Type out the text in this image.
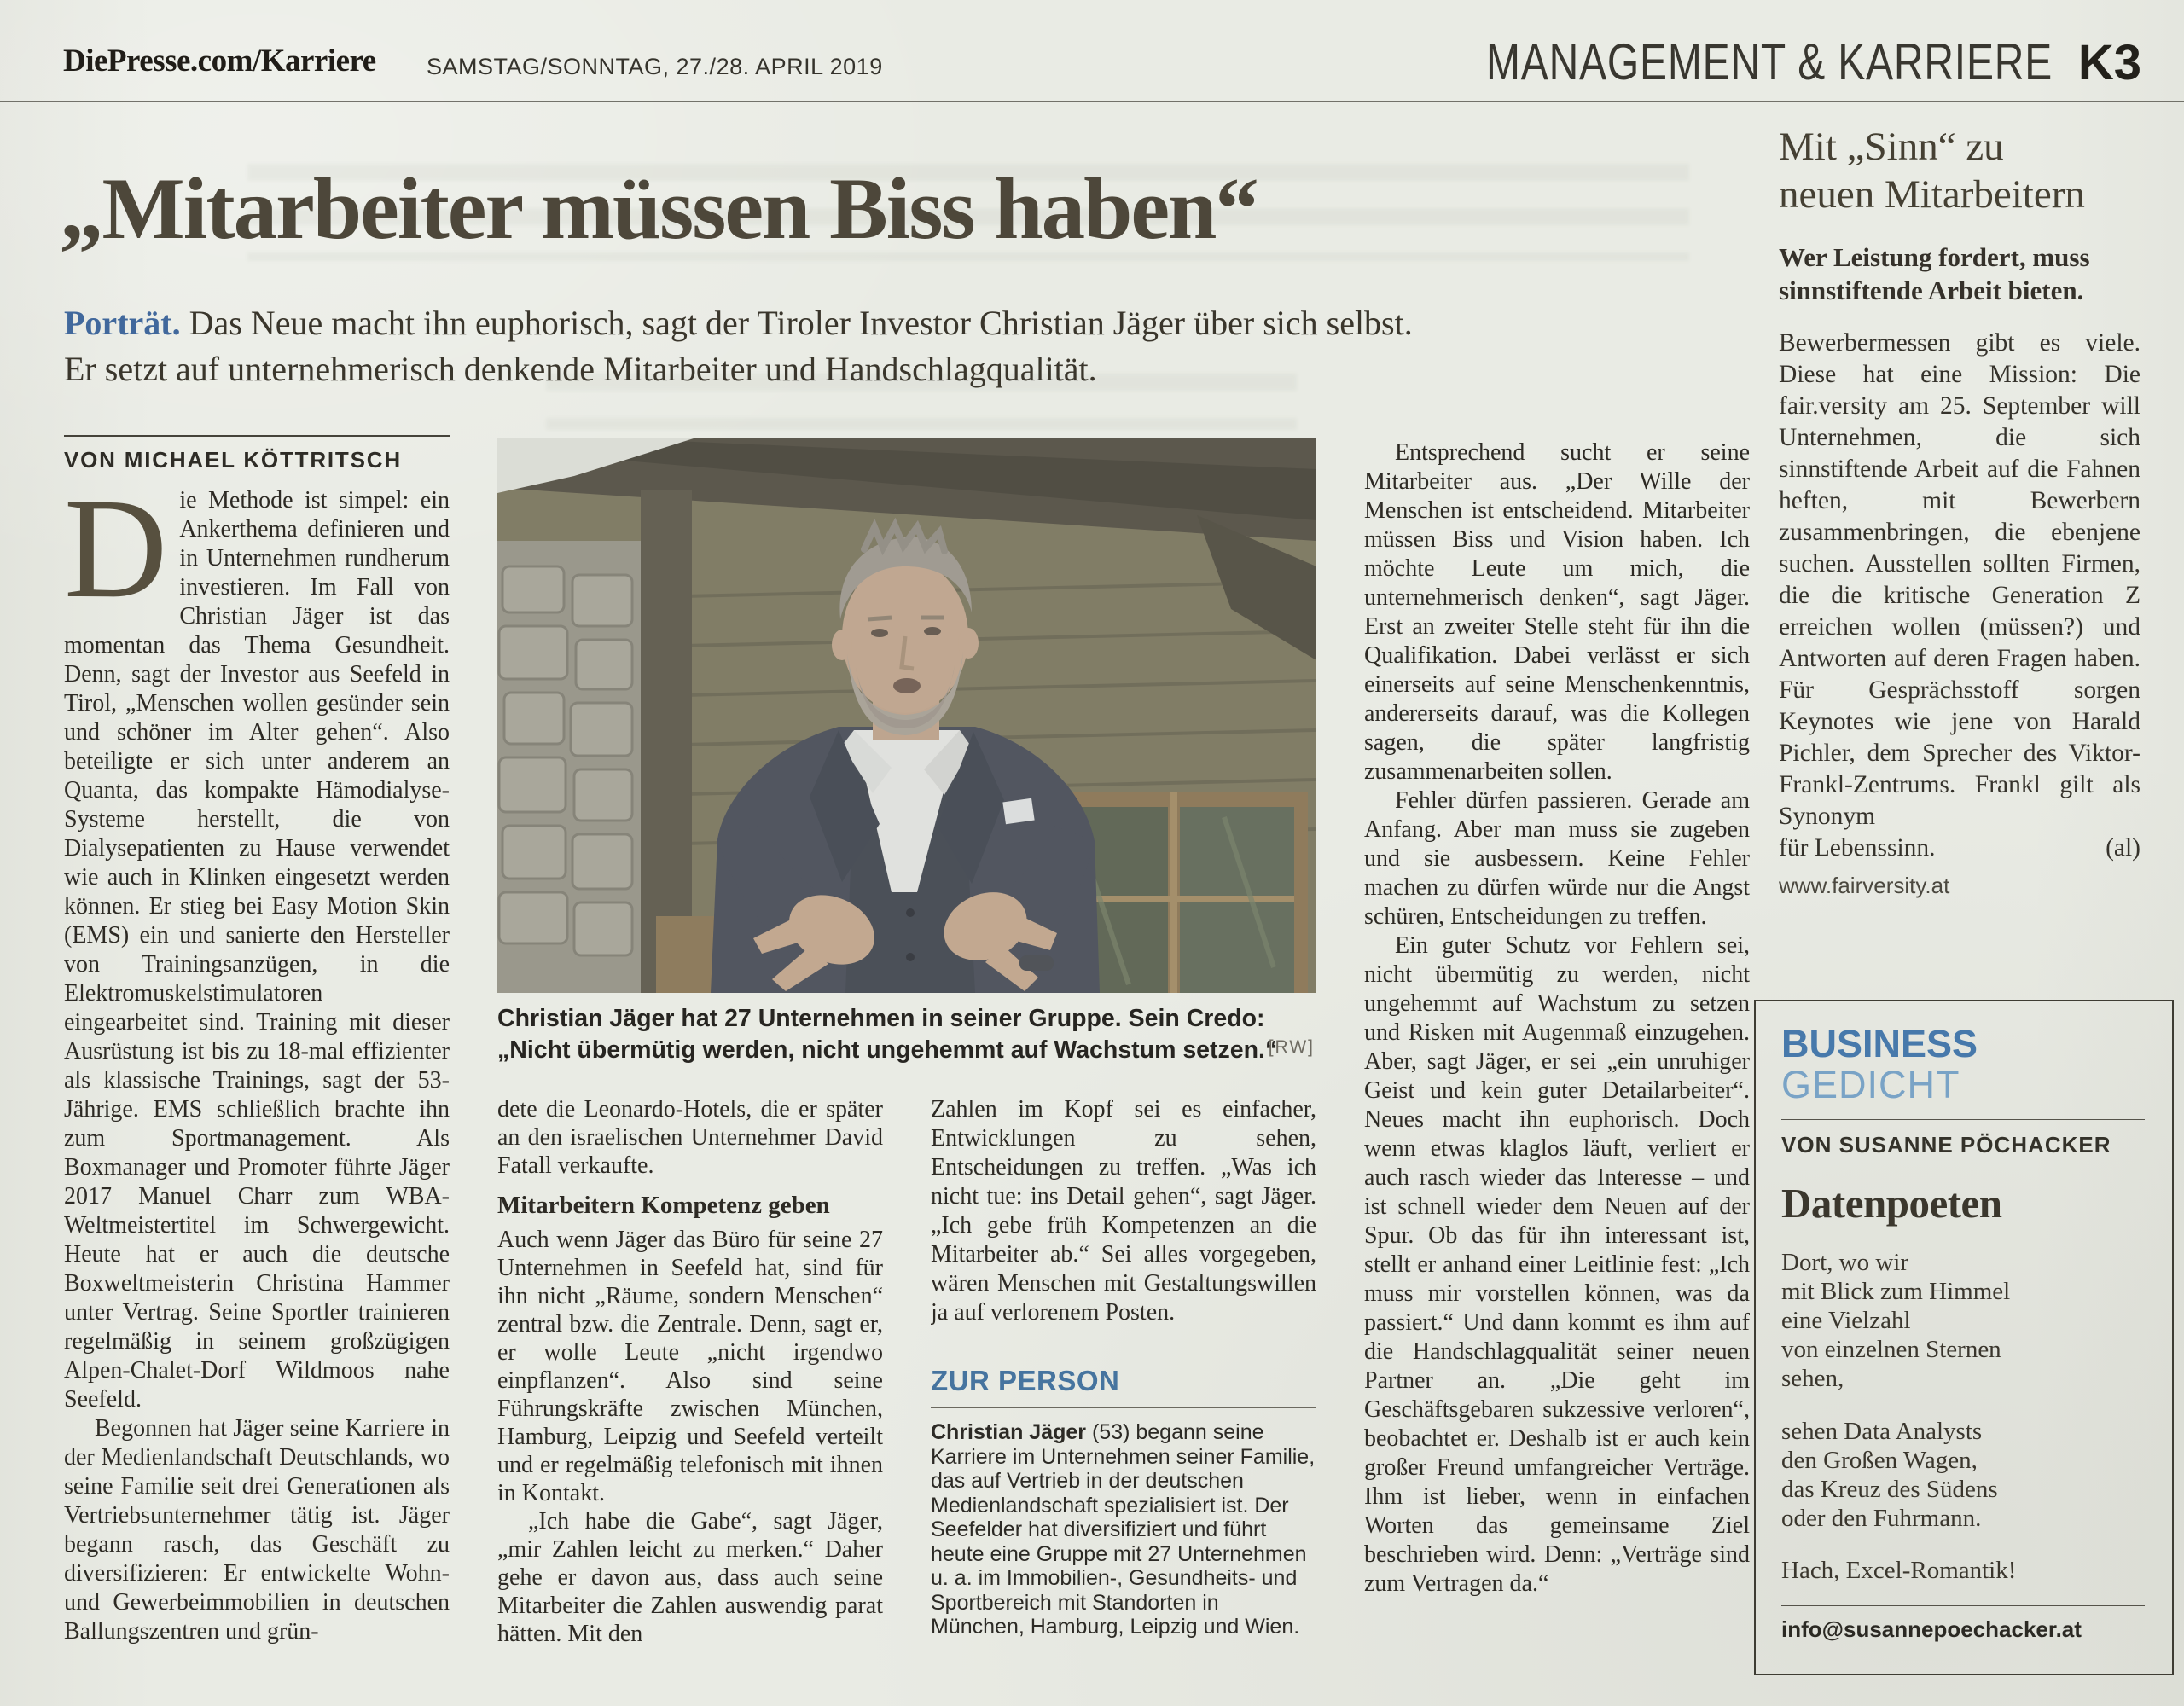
DiePresse.com/Karriere SAMSTAG/SONNTAG, 27./28. APRIL 2019	MANAGEMENT & KARRIERE K3
„Mitarbeiter müssen Biss haben“

Porträt. Das Neue macht ihn euphorisch, sagt der Tiroler Investor Christian Jäger über sich selbst. Er setzt auf unternehmerisch denkende Mitarbeiter und Handschlagqualität.

VON MICHAEL KÖTTRITSCH

Die Methode ist simpel: ein Ankerthema definieren und in Unternehmen rundherum investieren. Im Fall von Christian Jäger ist das momentan das Thema Gesundheit. Denn, sagt der Investor aus Seefeld in Tirol, „Menschen wollen gesünder sein und schöner im Alter gehen“. Also beteiligte er sich unter anderem an Quanta, das kompakte Hämodialyse-Systeme herstellt, die von Dialysepatienten zu Hause verwendet wie auch in Klinken eingesetzt werden können. Er stieg bei Easy Motion Skin (EMS) ein und sanierte den Hersteller von Trainingsanzügen, in die Elektromuskelstimulatoren eingearbeitet sind. Training mit dieser Ausrüstung ist bis zu 18-mal effizienter als klassische Trainings, sagt der 53-Jährige. EMS schließlich brachte ihn zum Sportmanagement. Als Boxmanager und Promoter führte Jäger 2017 Manuel Charr zum WBA-Weltmeistertitel im Schwergewicht. Heute hat er auch die deutsche Boxweltmeisterin Christina Hammer unter Vertrag. Seine Sportler trainieren regelmäßig in seinem großzügigen Alpen-Chalet-Dorf Wildmoos nahe Seefeld.

Begonnen hat Jäger seine Karriere in der Medienlandschaft Deutschlands, wo seine Familie seit drei Generationen als Vertriebsunternehmer tätig ist. Jäger begann rasch, das Geschäft zu diversifizieren: Er entwickelte Wohn- und Gewerbeimmobilien in deutschen Ballungszentren und grün-

Christian Jäger hat 27 Unternehmen in seiner Gruppe. Sein Credo: „Nicht übermütig werden, nicht ungehemmt auf Wachstum setzen.“
[RW]

dete die Leonardo-Hotels, die er später an den israelischen Unternehmer David Fatall verkaufte.

Mitarbeitern Kompetenz geben

Auch wenn Jäger das Büro für seine 27 Unternehmen in Seefeld hat, sind für ihn nicht „Räume, sondern Menschen“ zentral bzw. die Zentrale. Denn, sagt er, er wolle Leute „nicht irgendwo einpflanzen“. Also sind seine Führungskräfte zwischen München, Hamburg, Leipzig und Seefeld verteilt und er regelmäßig telefonisch mit ihnen in Kontakt.

„Ich habe die Gabe“, sagt Jäger, „mir Zahlen leicht zu merken.“ Daher gehe er davon aus, dass auch seine Mitarbeiter die Zahlen auswendig parat hätten. Mit den

Zahlen im Kopf sei es einfacher, Entwicklungen zu sehen, Entscheidungen zu treffen. „Was ich nicht tue: ins Detail gehen“, sagt Jäger. „Ich gebe früh Kompetenzen an die Mitarbeiter ab.“ Sei alles vorgegeben, wären Menschen mit Gestaltungswillen ja auf verlorenem Posten.

ZUR PERSON

Christian Jäger (53) begann seine Karriere im Unternehmen seiner Familie, das auf Vertrieb in der deutschen Medienlandschaft spezialisiert ist. Der Seefelder hat diversifiziert und führt heute eine Gruppe mit 27 Unternehmen u. a. im Immobilien-, Gesundheits- und Sportbereich mit Standorten in München, Hamburg, Leipzig und Wien.

Entsprechend sucht er seine Mitarbeiter aus. „Der Wille der Menschen ist entscheidend. Mitarbeiter müssen Biss und Vision haben. Ich möchte Leute um mich, die unternehmerisch denken“, sagt Jäger. Erst an zweiter Stelle steht für ihn die Qualifikation. Dabei verlässt er sich einerseits auf seine Menschenkenntnis, andererseits darauf, was die Kollegen sagen, die später langfristig zusammenarbeiten sollen.

Fehler dürfen passieren. Gerade am Anfang. Aber man muss sie zugeben und sie ausbessern. Keine Fehler machen zu dürfen würde nur die Angst schüren, Entscheidungen zu treffen.

Ein guter Schutz vor Fehlern sei, nicht übermütig zu werden, nicht ungehemmt auf Wachstum zu setzen und Risken mit Augenmaß einzugehen. Aber, sagt Jäger, er sei „ein unruhiger Geist und kein guter Detailarbeiter“. Neues macht ihn euphorisch. Doch wenn etwas klaglos läuft, verliert er auch rasch wieder das Interesse – und ist schnell wieder dem Neuen auf der Spur. Ob das für ihn interessant ist, stellt er anhand einer Leitlinie fest: „Ich muss mir vorstellen können, was da passiert.“ Und dann kommt es ihm auf die Handschlagqualität seiner neuen Partner an. „Die geht im Geschäftsgebaren sukzessive verloren“, beobachtet er. Deshalb ist er auch kein großer Freund umfangreicher Verträge. Ihm ist lieber, wenn in einfachen Worten das gemeinsame Ziel beschrieben wird. Denn: „Verträge sind zum Vertragen da.“

Mit „Sinn“ zu neuen Mitarbeitern

Wer Leistung fordert, muss sinnstiftende Arbeit bieten.

Bewerbermessen gibt es viele. Diese hat eine Mission: Die fair.versity am 25. September will Unternehmen, die sich sinnstiftende Arbeit auf die Fahnen heften, mit Bewerbern zusammenbringen, die ebenjene suchen. Ausstellen sollten Firmen, die die kritische Generation Z erreichen wollen (müssen?) und Antworten auf deren Fragen haben. Für Gesprächsstoff sorgen Keynotes wie jene von Harald Pichler, dem Sprecher des Viktor-Frankl-Zentrums. Frankl gilt als Synonym

für Lebenssinn.	(al)
www.fairversity.at
BUSINESS
GEDICHT
VON SUSANNE PÖCHACKER
Datenpoeten
Dort, wo wir
mit Blick zum Himmel
eine Vielzahl
von einzelnen Sternen
sehen,
sehen Data Analysts
den Großen Wagen,
das Kreuz des Südens
oder den Fuhrmann.
Hach, Excel-Romantik!
info@susannepoechacker.at
